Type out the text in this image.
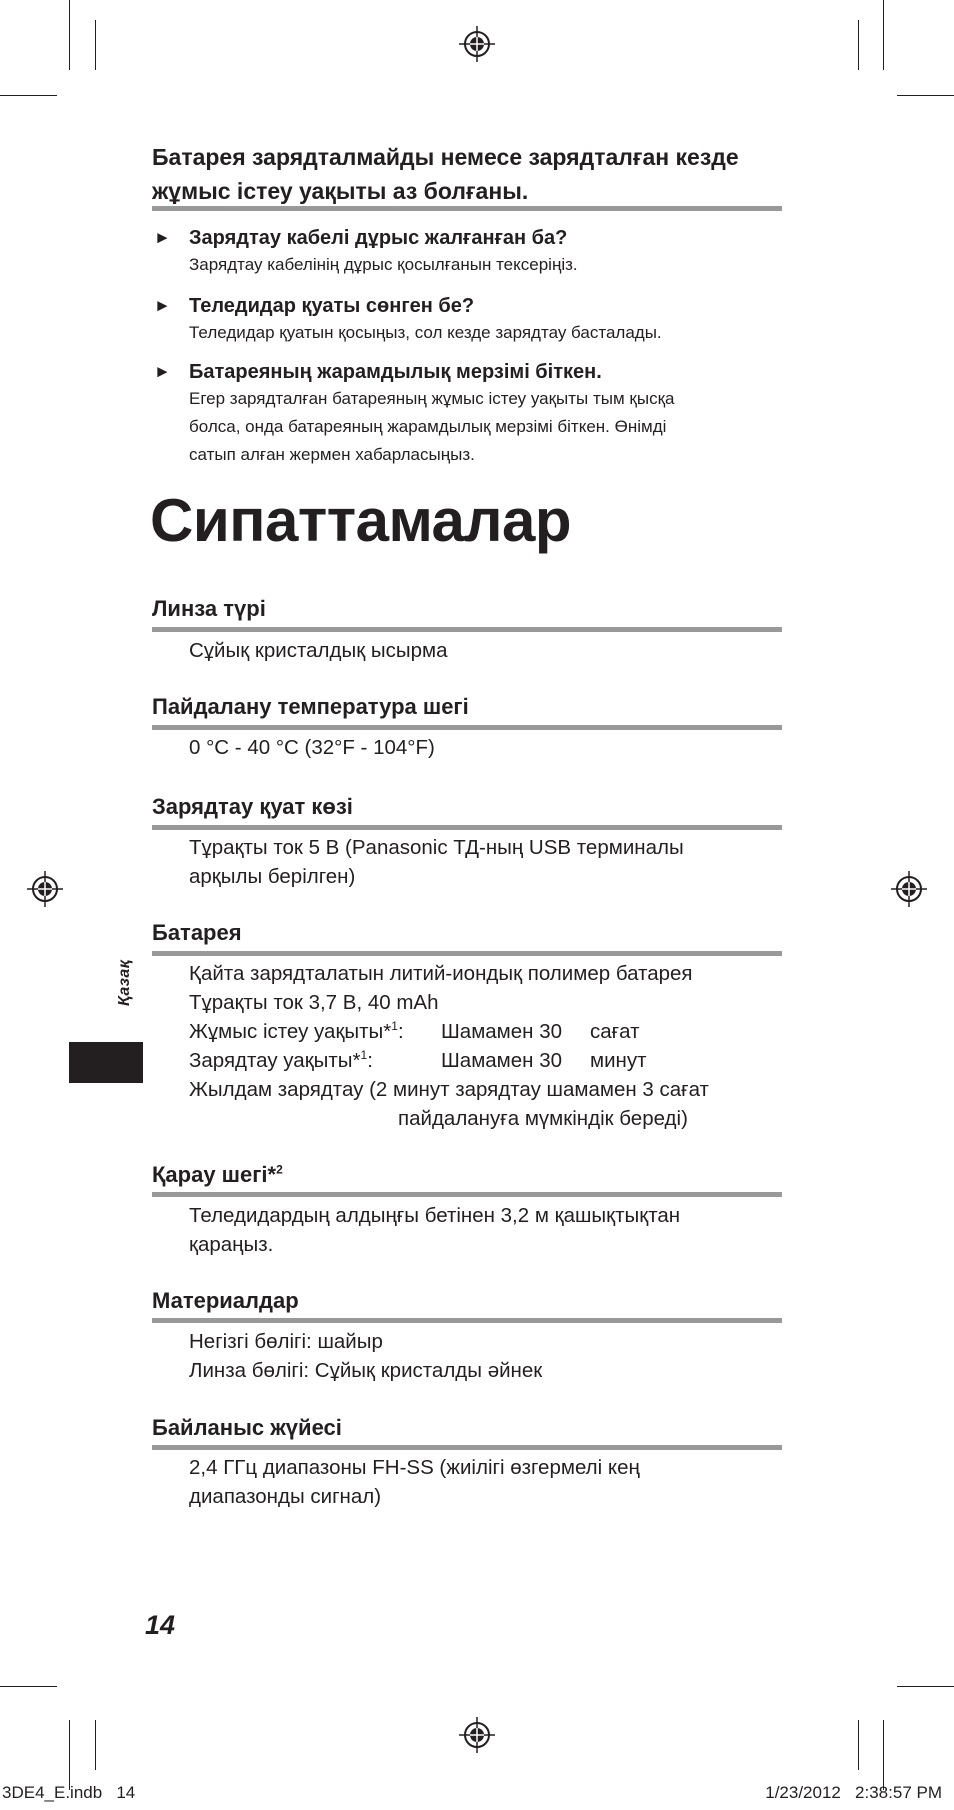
Батарея зарядталмайды немесе зарядталған кезде жұмыс істеу уақыты аз болғаны.
► Зарядтау кабелі дұрыс жалғанған ба?
Зарядтау кабелінің дұрыс қосылғанын тексеріңіз.
► Теледидар қуаты сөнген бе?
Теледидар қуатын қосыңыз, сол кезде зарядтау басталады.
► Батареяның жарамдылық мерзімі біткен.
Егер зарядталған батареяның жұмыс істеу уақыты тым қысқа
болса, онда батареяның жарамдылық мерзімі біткен. Өнімді
сатып алған жермен хабарласыңыз.
Сипаттамалар
Линза түрі
Сұйық кристалдық ысырма
Пайдалану температура шегі
0 °C - 40 °C (32°F - 104°F)
Зарядтау қуат көзі
Тұрақты ток 5 В (Panasonic ТД-ның USB терминалы
арқылы берілген)
Батарея
Қайта зарядталатын литий-иондық полимер батарея
Тұрақты ток 3,7 В, 40 mAh
Жұмыс істеу уақыты*$^1$: Шамамен 30 сағат
Зарядтау уақыты*$^1$:	Шамамен 30 минут
Жылдам зарядтау (2 минут зарядтау шамамен 3 сағат
пайдалануға мүмкіндік береді)
Қарау шегі*$^2$
Теледидардың алдыңғы бетінен 3,2 м қашықтықтан
қараңыз.
Материалдар
Негізгі бөлігі: шайыр
Линза бөлігі: Сұйық кристалды әйнек
Байланыс жүйесі
2,4 ГГц диапазоны FH-SS (жиілігі өзгермелі кең
диапазонды сигнал)
Қазақ
14
3DE4_E.indb   14	1/23/2012   2:38:57 PM
